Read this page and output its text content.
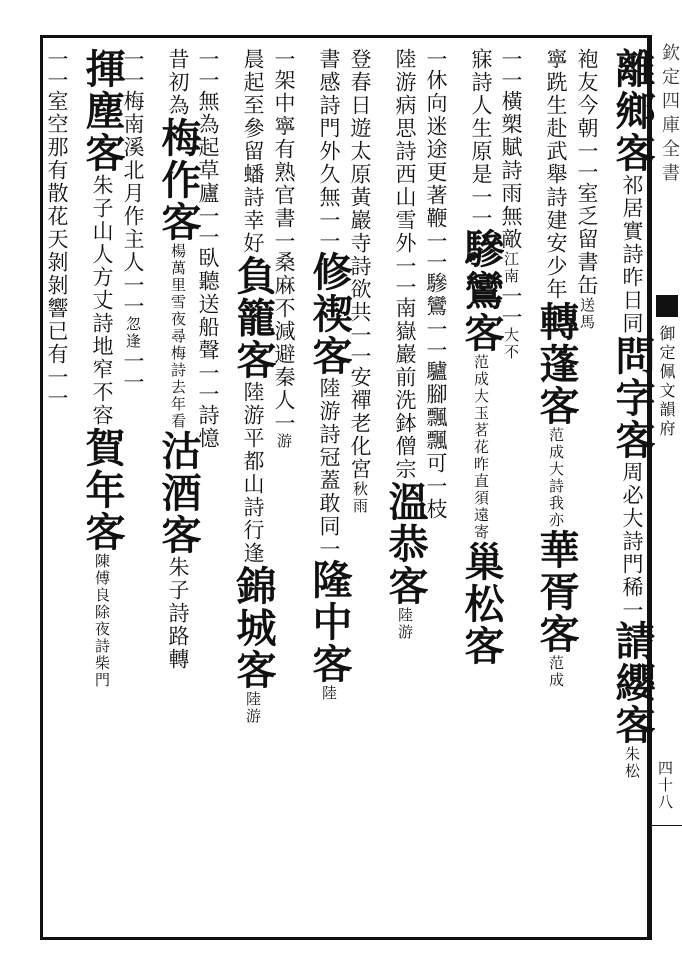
離鄉客祁居實詩昨日同問字客周必大詩門稀一請纓客朱松
袍友今朝一一室乏留書缶送馬
寧跣生赴武舉詩建安少年轉蓬客范成大詩我亦華胥客范成
一一橫槊賦詩雨無敵江南一一大不
寐詩人生原是一一驂鸞客范成大玉茗花昨直須遠寄巢松客
一休向迷途更著鞭一一驂鸞一一驢腳飄飄可一枝
陸游病思詩西山雪外一一南嶽巖前洗鉢僧宗溫恭客陸游
登春日遊太原黃巖寺詩欲共一一安禪老化宮秋雨
書感詩門外久無一一修禊客陸游詩冠蓋敢同一隆中客陸
一架中寧有熟官書一桑麻不減避秦人一游
晨起至參留蟠詩幸好負籠客陸游平都山詩行逢錦城客陸游
一一無為起草廬一一臥聽送船聲一一詩憶
昔初為梅作客楊萬里雪夜尋梅詩去年看沽酒客朱子詩路轉
一一梅南溪北月作主人一一忽逢一一
揮塵客朱子山人方丈詩地窄不容賀年客陳傅良除夜詩柴門
一一室空那有散花天剝剝響已有一一
欽定四庫全書
御定佩文韻府
四十八
